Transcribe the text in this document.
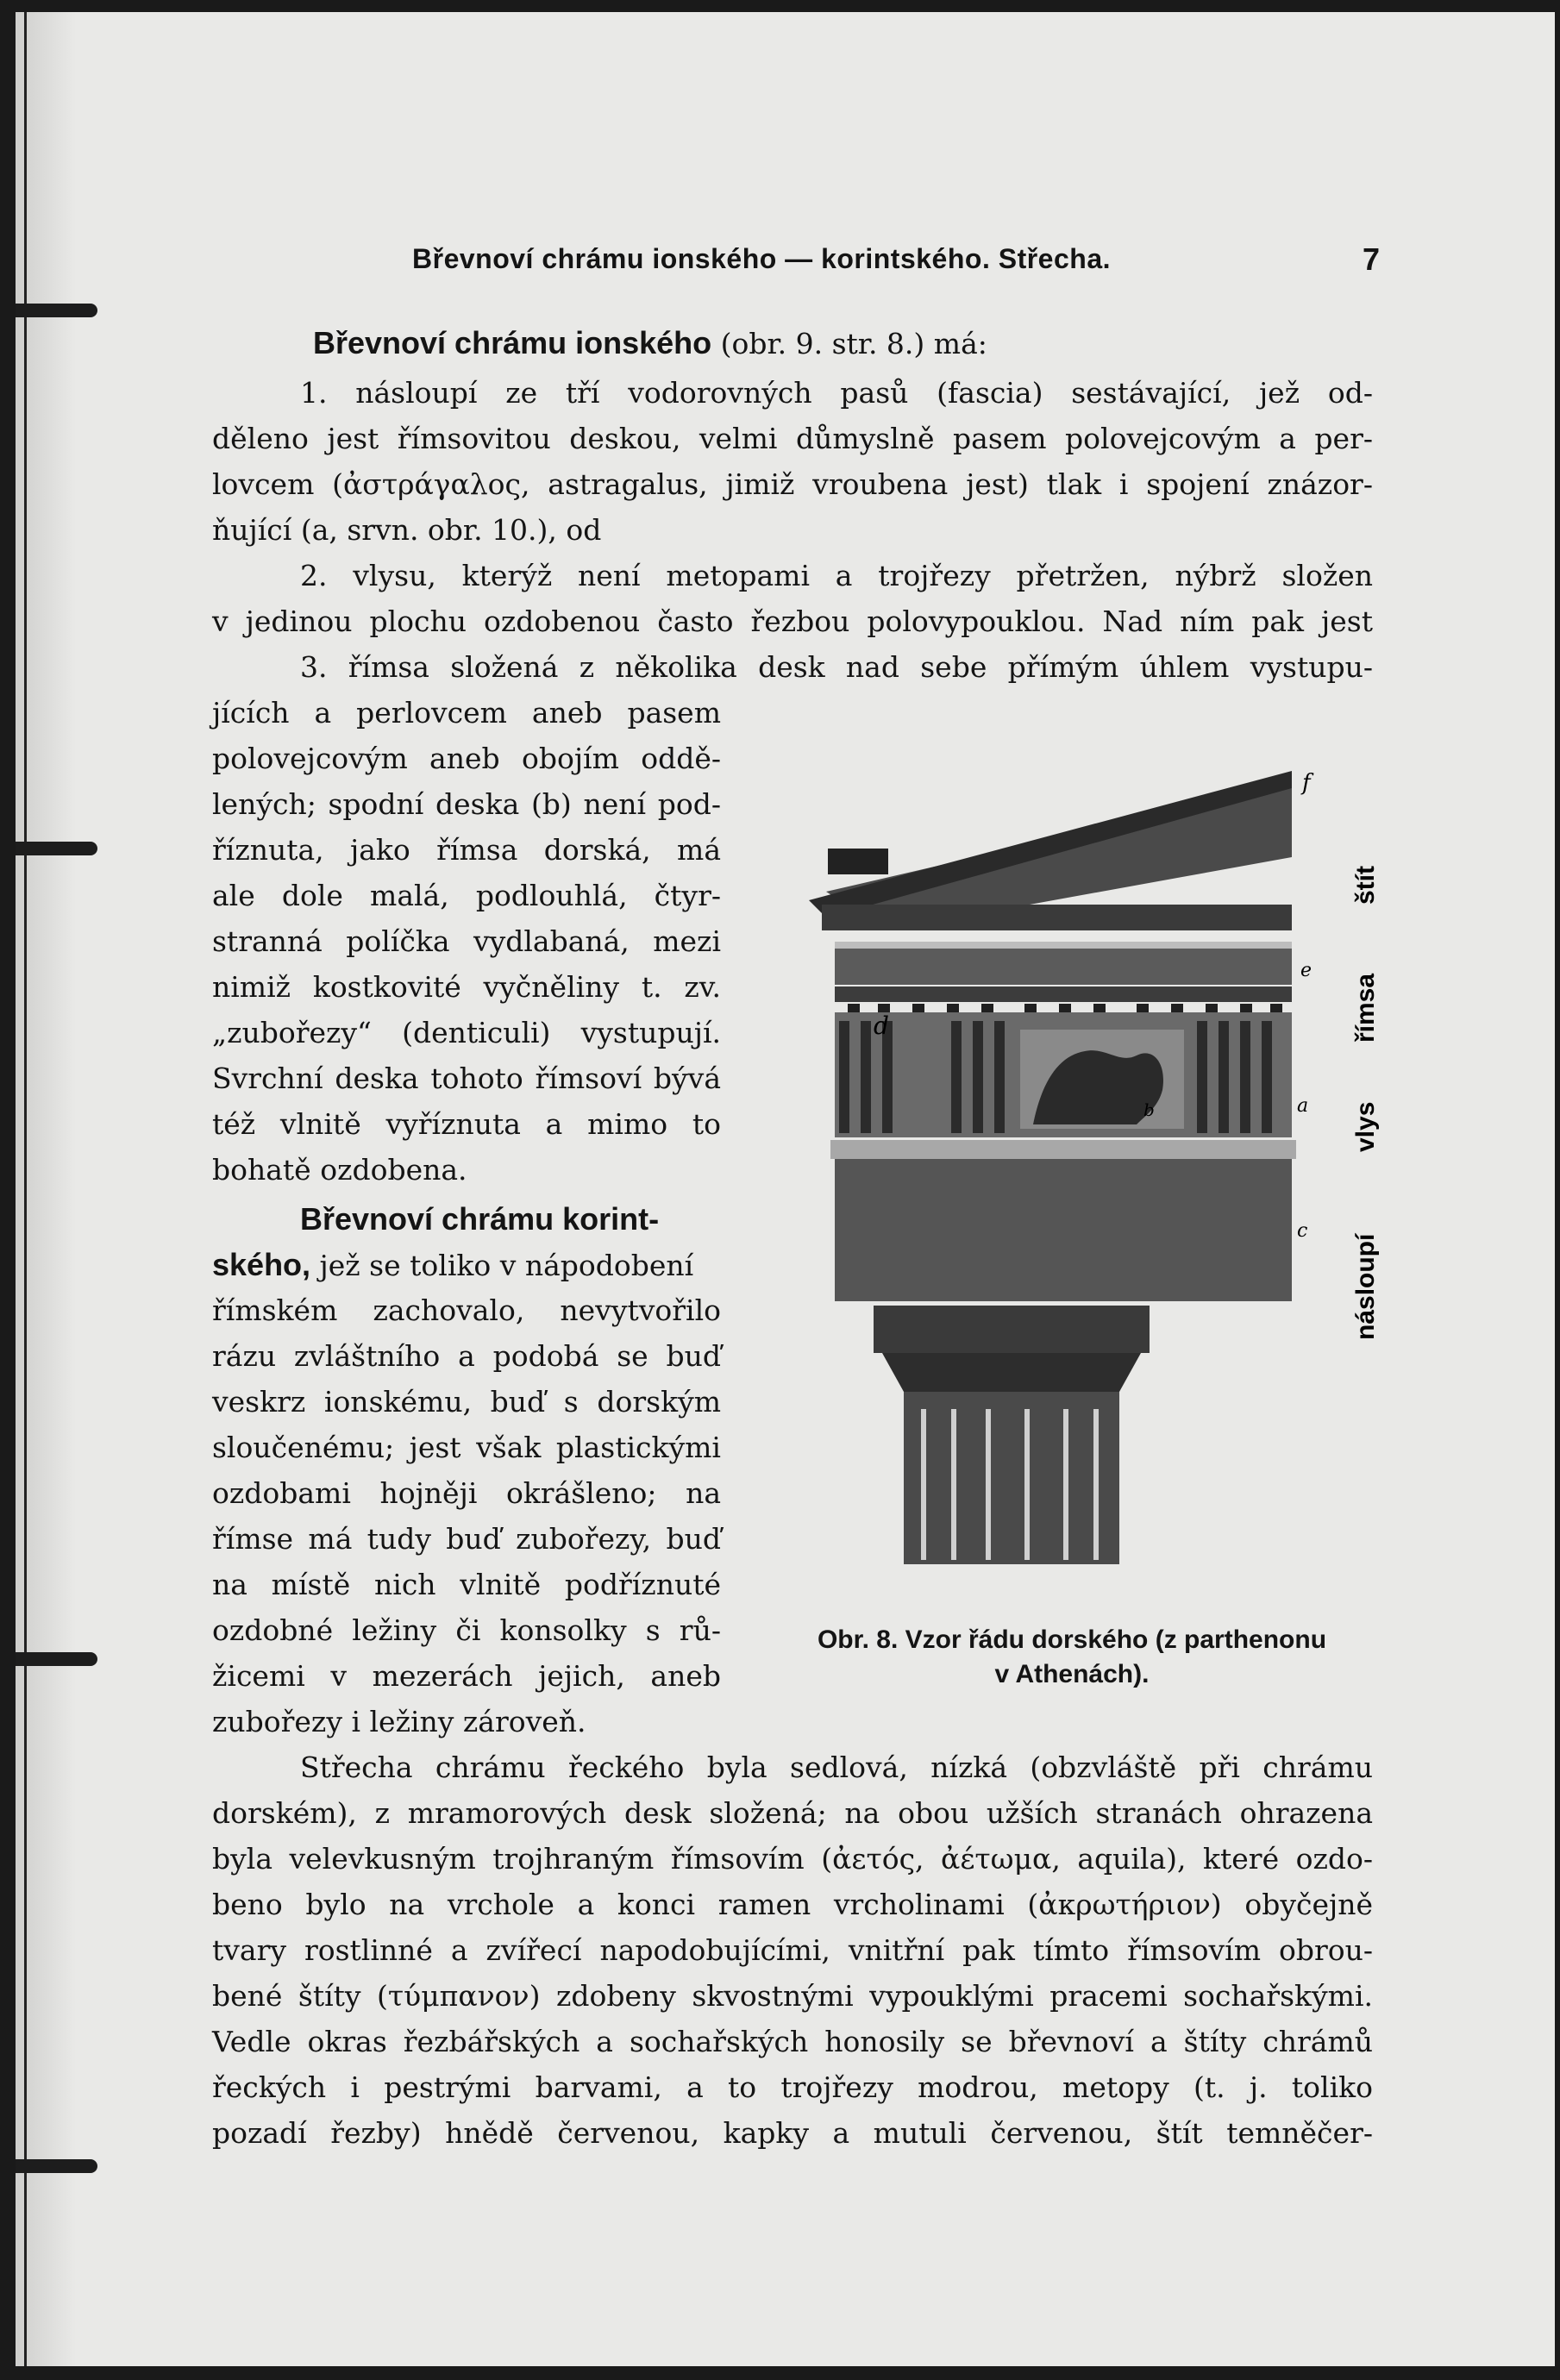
Břevnoví chrámu ionského — korintského. Střecha.	7
Břevnoví chrámu ionského (obr. 9. str. 8.) má:
1. násloupí ze tří vodorovných pasů (fascia) sestávající, jež od-
děleno jest římsovitou deskou, velmi důmyslně pasem polovejcovým a per-
lovcem (ἀστράγαλος, astragalus, jimiž vroubena jest) tlak i spojení znázor-
ňující (a, srvn. obr. 10.), od
2. vlysu, kterýž není metopami a trojřezy přetržen, nýbrž složen
v jedinou plochu ozdobenou často řezbou polovypouklou. Nad ním pak jest
3. římsa složená z několika desk nad sebe přímým úhlem vystupu-
jících a perlovcem aneb pasem
polovejcovým aneb obojím oddě-
lených; spodní deska (b) není pod-
říznuta, jako římsa dorská, má
ale dole malá, podlouhlá, čtyr-
stranná políčka vydlabaná, mezi
nimiž kostkovité vyčněliny t. zv.
„zubořezy“ (denticuli) vystupují.
Svrchní deska tohoto římsoví bývá
též vlnitě vyříznuta a mimo to
bohatě ozdobena.
Břevnoví chrámu korint-
ského, jež se toliko v nápodobení
římském zachovalo, nevytvořilo
rázu zvláštního a podobá se buď
veskrz ionskému, buď s dorským
sloučenému; jest však plastickými
ozdobami hojněji okrášleno; na
římse má tudy buď zubořezy, buď
na místě nich vlnitě podříznuté
ozdobné ležiny či konsolky s rů-
žicemi v mezerách jejich, aneb
zubořezy i ležiny zároveň.
f
e
d
a
b
c
štít
římsa
vlys
násloupí
Obr. 8. Vzor řádu dorského (z parthenonu
v Athenách).
Střecha chrámu řeckého byla sedlová, nízká (obzvláště při chrámu
dorském), z mramorových desk složená; na obou užších stranách ohrazena
byla velevkusným trojhraným římsovím (ἀετός, ἀέτωμα, aquila), které ozdo-
beno bylo na vrchole a konci ramen vrcholinami (ἀκρωτήριον) obyčejně
tvary rostlinné a zvířecí napodobujícími, vnitřní pak tímto římsovím obrou-
bené štíty (τύμπανον) zdobeny skvostnými vypouklými pracemi sochařskými.
Vedle okras řezbářských a sochařských honosily se břevnoví a štíty chrámů
řeckých i pestrými barvami, a to trojřezy modrou, metopy (t. j. toliko
pozadí řezby) hnědě červenou, kapky a mutuli červenou, štít temněčer-
